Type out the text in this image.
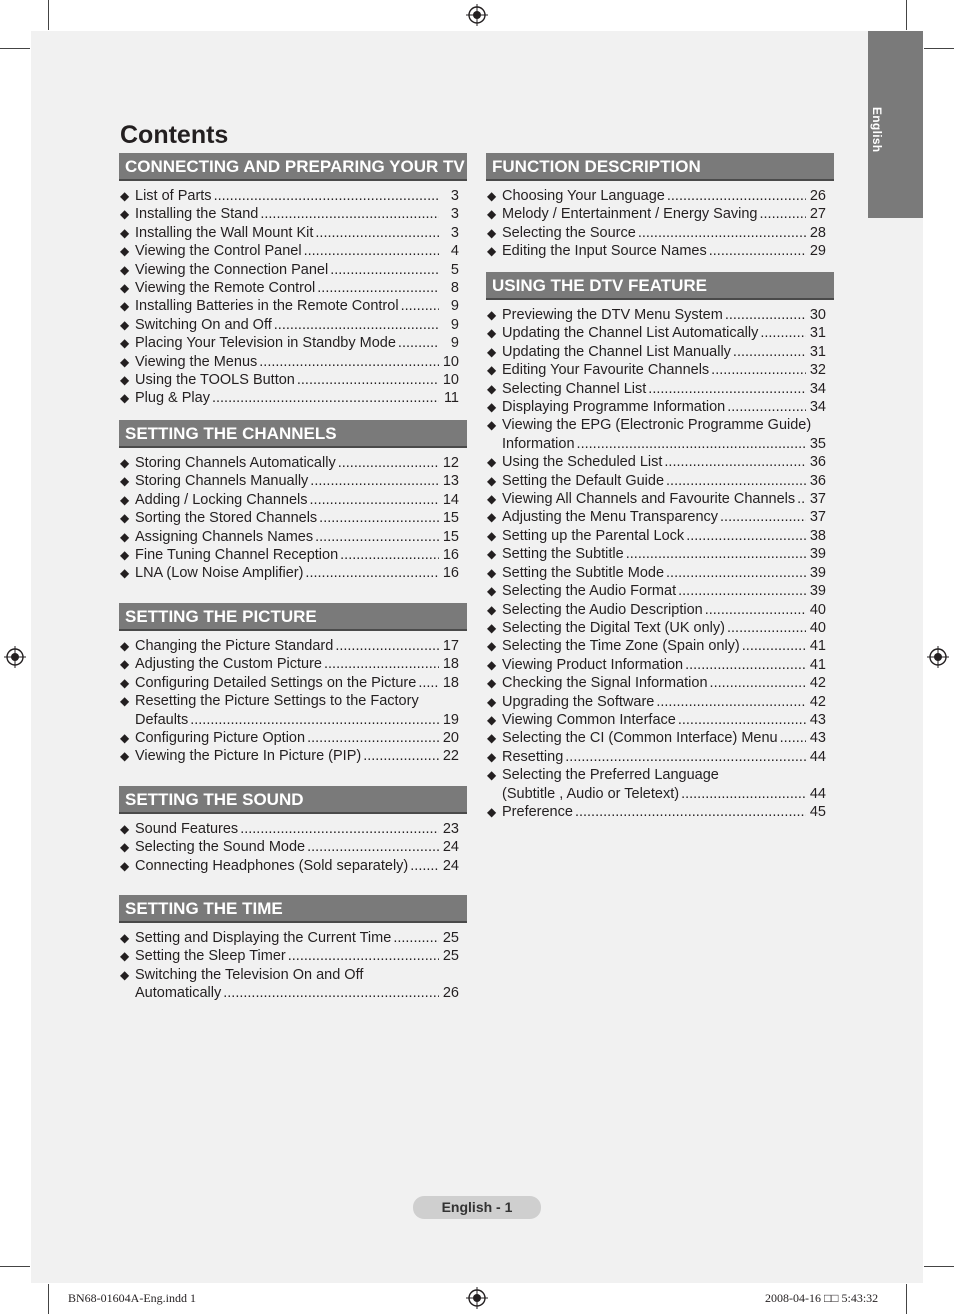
English
Contents
CONNECTING AND PREPARING YOUR TV
◆ List of Parts .....	3
◆ Installing the Stand .....	3
◆ Installing the Wall Mount Kit .....	3
◆ Viewing the Control Panel .....	4
◆ Viewing the Connection Panel .....	5
◆ Viewing the Remote Control .....	8
◆ Installing Batteries in the Remote Control .....	9
◆ Switching On and Off .....	9
◆ Placing Your Television in Standby Mode .....	9
◆ Viewing the Menus .....	10
◆ Using the TOOLS Button .....	10
◆ Plug & Play .....	11
SETTING THE CHANNELS
◆ Storing Channels Automatically .....	12
◆ Storing Channels Manually .....	13
◆ Adding / Locking Channels .....	14
◆ Sorting the Stored Channels .....	15
◆ Assigning Channels Names .....	15
◆ Fine Tuning Channel Reception .....	16
◆ LNA (Low Noise Amplifier) .....	16
SETTING THE PICTURE
◆ Changing the Picture Standard .....	17
◆ Adjusting the Custom Picture .....	18
◆ Configuring Detailed Settings on the Picture ..... 18
◆ Resetting the Picture Settings to the Factory
Defaults .....	19
◆ Configuring Picture Option .....	20
◆ Viewing the Picture In Picture (PIP) .....	22
SETTING THE SOUND
◆ Sound Features .....	23
◆ Selecting the Sound Mode .....	24
◆ Connecting Headphones (Sold separately) ..... 24
SETTING THE TIME
◆ Setting and Displaying the Current Time .....	25
◆ Setting the Sleep Timer .....	25
◆ Switching the Television On and Off
Automatically .....	26
FUNCTION DESCRIPTION
◆ Choosing Your Language .....	26
◆ Melody / Entertainment / Energy Saving .....	27
◆ Selecting the Source .....	28
◆ Editing the Input Source Names .....	29
USING THE DTV FEATURE
◆ Previewing the DTV Menu System .....	30
◆ Updating the Channel List Automatically .....	31
◆ Updating the Channel List Manually .....	31
◆ Editing Your Favourite Channels .....	32
◆ Selecting Channel List .....	34
◆ Displaying Programme Information .....	34
◆ Viewing the EPG (Electronic Programme Guide)
Information .....	35
◆ Using the Scheduled List .....	36
◆ Setting the Default Guide .....	36
◆ Viewing All Channels and Favourite Channels ..... 37
◆ Adjusting the Menu Transparency .....	37
◆ Setting up the Parental Lock .....	38
◆ Setting the Subtitle .....	39
◆ Setting the Subtitle Mode .....	39
◆ Selecting the Audio Format .....	39
◆ Selecting the Audio Description .....	40
◆ Selecting the Digital Text (UK only) .....	40
◆ Selecting the Time Zone (Spain only) .....	41
◆ Viewing Product Information .....	41
◆ Checking the Signal Information .....	42
◆ Upgrading the Software .....	42
◆ Viewing Common Interface .....	43
◆ Selecting the CI (Common Interface) Menu ..... 43
◆ Resetting .....	44
◆ Selecting the Preferred Language
(Subtitle , Audio or Teletext) .....	44
◆ Preference .....	45
English - 1
BN68-01604A-Eng.indd 1	2008-04-16 □□ 5:43:32
